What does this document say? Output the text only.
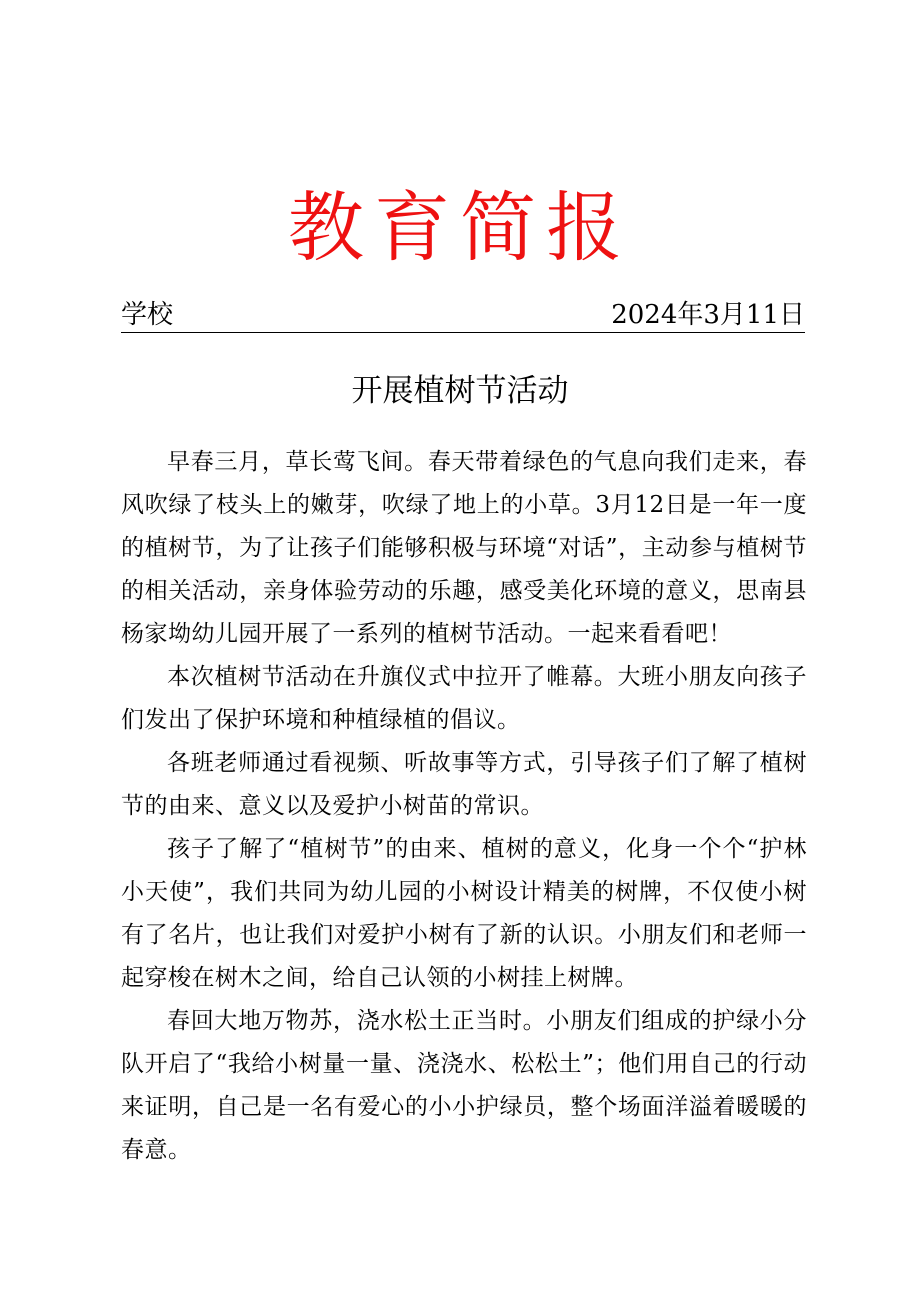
教育简报
学校	2024年3月11日
开展植树节活动

早春三月，草长莺飞间。春天带着绿色的气息向我们走来，春风吹绿了枝头上的嫩芽，吹绿了地上的小草。3月12日是一年一度的植树节，为了让孩子们能够积极与环境“对话”，主动参与植树节的相关活动，亲身体验劳动的乐趣，感受美化环境的意义，思南县杨家坳幼儿园开展了一系列的植树节活动。一起来看看吧！

本次植树节活动在升旗仪式中拉开了帷幕。大班小朋友向孩子们发出了保护环境和种植绿植的倡议。

各班老师通过看视频、听故事等方式，引导孩子们了解了植树节的由来、意义以及爱护小树苗的常识。

孩子了解了“植树节”的由来、植树的意义，化身一个个“护林小天使”，我们共同为幼儿园的小树设计精美的树牌，不仅使小树有了名片，也让我们对爱护小树有了新的认识。小朋友们和老师一起穿梭在树木之间，给自己认领的小树挂上树牌。

春回大地万物苏，浇水松土正当时。小朋友们组成的护绿小分队开启了“我给小树量一量、浇浇水、松松土”；他们用自己的行动来证明，自己是一名有爱心的小小护绿员，整个场面洋溢着暖暖的春意。
